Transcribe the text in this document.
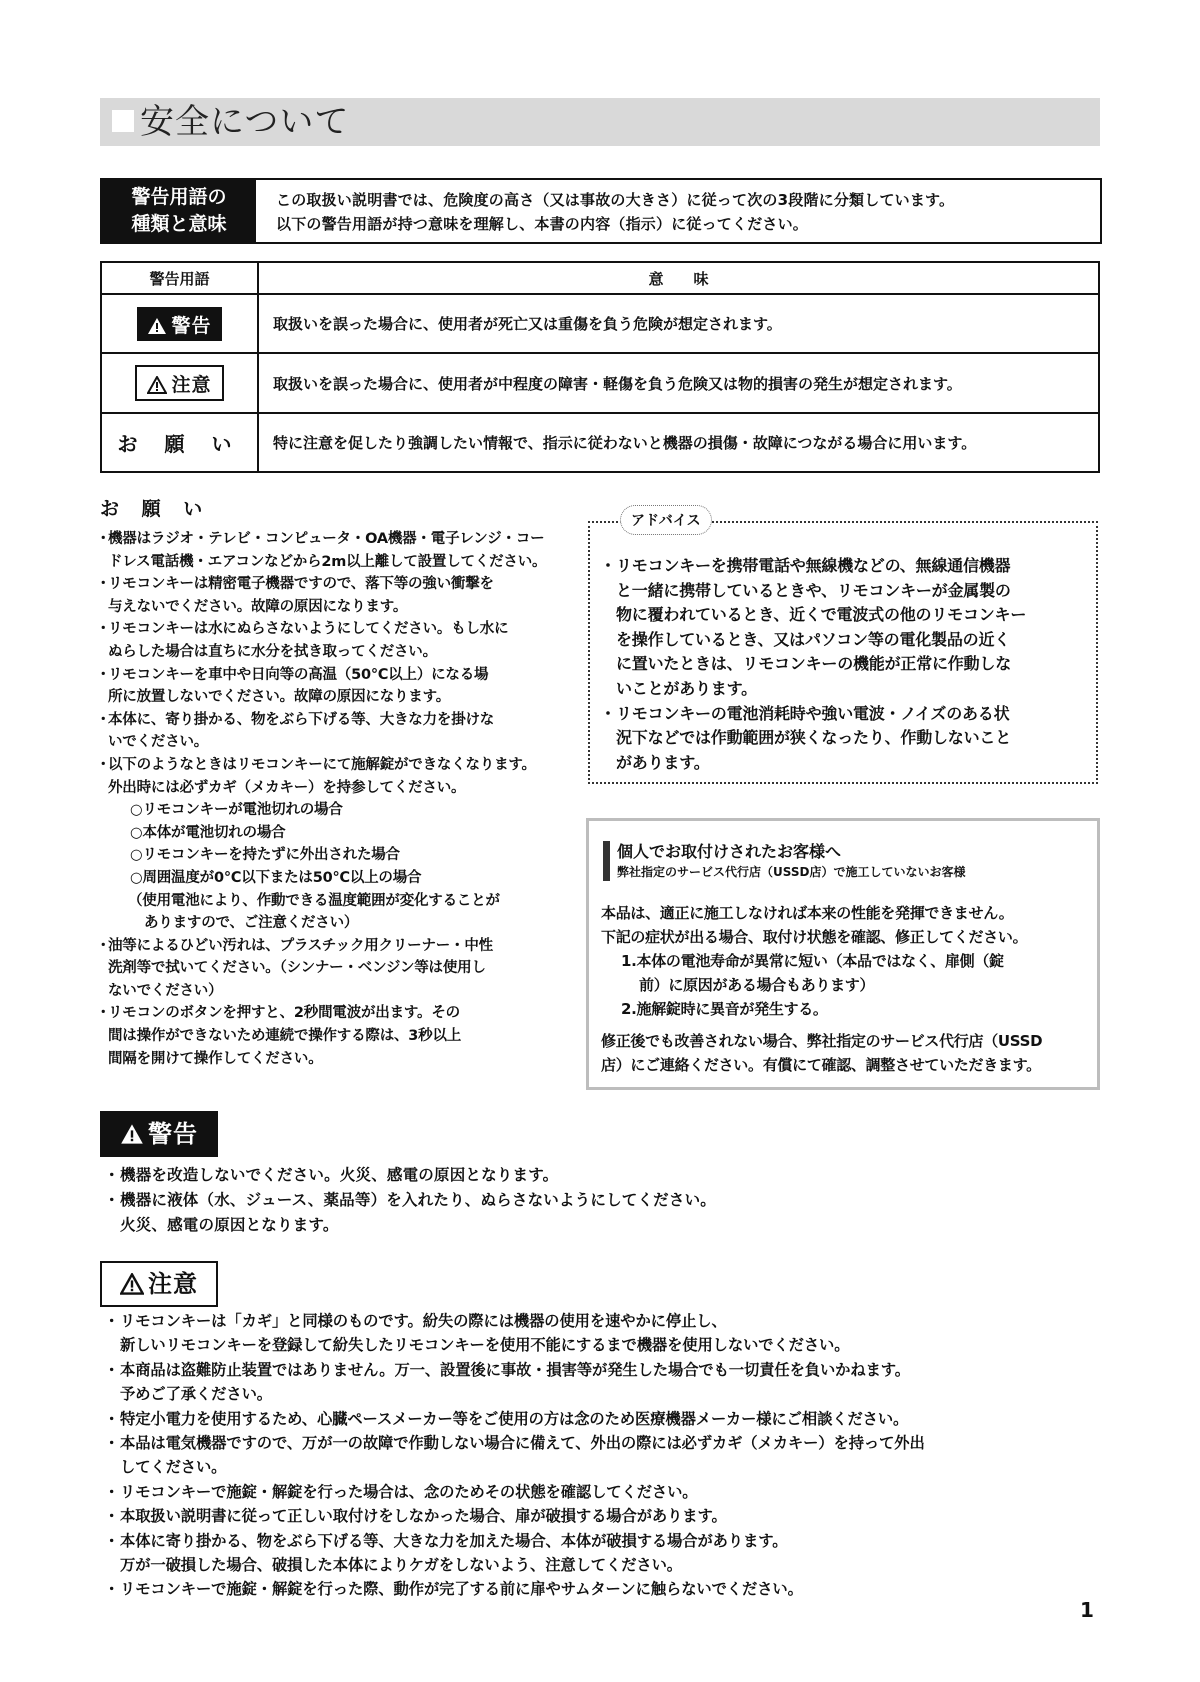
安全について
警告用語の
種類と意味
この取扱い説明書では、危険度の高さ（又は事故の大きさ）に従って次の3段階に分類しています。
以下の警告用語が持つ意味を理解し、本書の内容（指示）に従ってください。
警告用語	意　　味
警告	取扱いを誤った場合に、使用者が死亡又は重傷を負う危険が想定されます。
注意	取扱いを誤った場合に、使用者が中程度の障害・軽傷を負う危険又は物的損害の発生が想定されます。
お 願 い	特に注意を促したり強調したい情報で、指示に従わないと機器の損傷・故障につながる場合に用います。
お 願 い
・
機器はラジオ・テレビ・コンピュータ・OA機器・電子レンジ・コー
ドレス電話機・エアコンなどから2m以上離して設置してください。
・
リモコンキーは精密電子機器ですので、落下等の強い衝撃を
与えないでください。故障の原因になります。
・
リモコンキーは水にぬらさないようにしてください。もし水に
ぬらした場合は直ちに水分を拭き取ってください。
・
リモコンキーを車中や日向等の高温（50℃以上）になる場
所に放置しないでください。故障の原因になります。
・
本体に、寄り掛かる、物をぶら下げる等、大きな力を掛けな
いでください。
・
以下のようなときはリモコンキーにて施解錠ができなくなります。
外出時には必ずカギ（メカキー）を持参してください。
○リモコンキーが電池切れの場合
○本体が電池切れの場合
○リモコンキーを持たずに外出された場合
○周囲温度が0℃以下または50℃以上の場合
（使用電池により、作動できる温度範囲が変化することが
ありますので、ご注意ください）
・
油等によるひどい汚れは、プラスチック用クリーナー・中性
洗剤等で拭いてください。（シンナー・ベンジン等は使用し
ないでください）
・
リモコンのボタンを押すと、2秒間電波が出ます。その
間は操作ができないため連続で操作する際は、3秒以上
間隔を開けて操作してください。
アドバイス
・ リモコンキーを携帯電話や無線機などの、無線通信機器
と一緒に携帯しているときや、リモコンキーが金属製の
物に覆われているとき、近くで電波式の他のリモコンキー
を操作しているとき、又はパソコン等の電化製品の近く
に置いたときは、リモコンキーの機能が正常に作動しな
いことがあります。
・ リモコンキーの電池消耗時や強い電波・ノイズのある状
況下などでは作動範囲が狭くなったり、作動しないこと
があります。
個人でお取付けされたお客様へ
弊社指定のサービス代行店（USSD店）で施工していないお客様

本品は、適正に施工しなければ本来の性能を発揮できません。

下記の症状が出る場合、取付け状態を確認、修正してください。

1.本体の電池寿命が異常に短い（本品ではなく、扉側（錠

前）に原因がある場合もあります）

2.施解錠時に異音が発生する。

修正後でも改善されない場合、弊社指定のサービス代行店（USSD

店）にご連絡ください。有償にて確認、調整させていただきます。

警告
・ 機器を改造しないでください。火災、感電の原因となります。
・ 機器に液体（水、ジュース、薬品等）を入れたり、ぬらさないようにしてください。
火災、感電の原因となります。
注意
・ リモコンキーは「カギ」と同様のものです。紛失の際には機器の使用を速やかに停止し、
新しいリモコンキーを登録して紛失したリモコンキーを使用不能にするまで機器を使用しないでください。
・ 本商品は盗難防止装置ではありません。万一、設置後に事故・損害等が発生した場合でも一切責任を負いかねます。
予めご了承ください。
・ 特定小電力を使用するため、心臓ペースメーカー等をご使用の方は念のため医療機器メーカー様にご相談ください。
・ 本品は電気機器ですので、万が一の故障で作動しない場合に備えて、外出の際には必ずカギ（メカキー）を持って外出
してください。
・ リモコンキーで施錠・解錠を行った場合は、念のためその状態を確認してください。
・ 本取扱い説明書に従って正しい取付けをしなかった場合、扉が破損する場合があります。
・ 本体に寄り掛かる、物をぶら下げる等、大きな力を加えた場合、本体が破損する場合があります。
万が一破損した場合、破損した本体によりケガをしないよう、注意してください。
・ リモコンキーで施錠・解錠を行った際、動作が完了する前に扉やサムターンに触らないでください。
1
